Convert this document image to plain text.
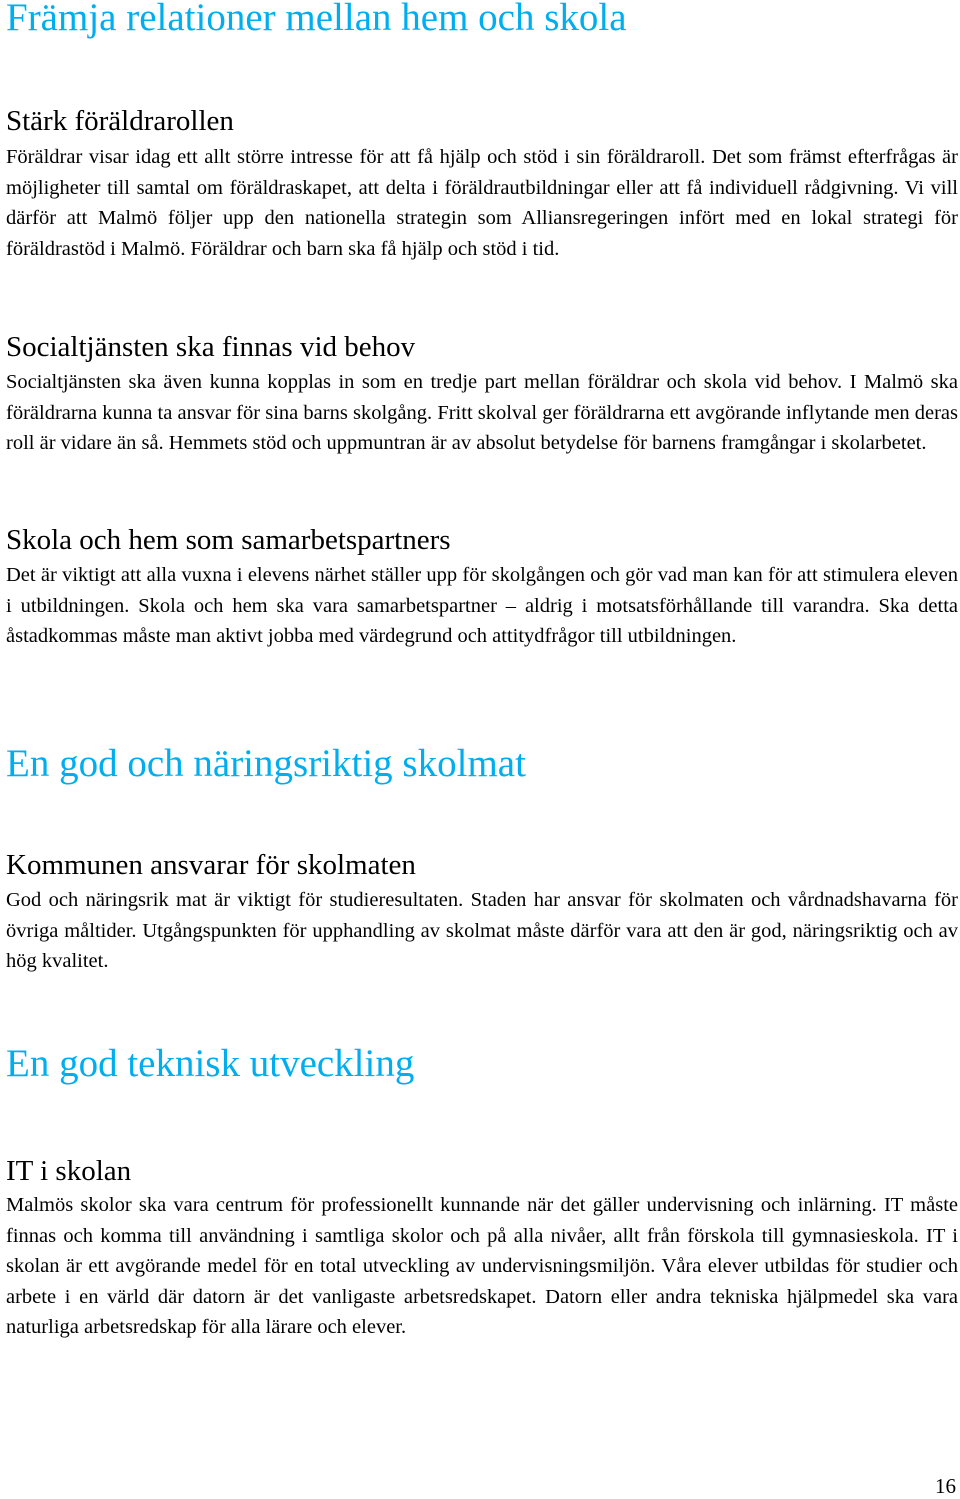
Främja relationer mellan hem och skola
Stärk föräldrarollen

Föräldrar visar idag ett allt större intresse för att få hjälp och stöd i sin föräldraroll. Det som främst efterfrågas är möjligheter till samtal om föräldraskapet, att delta i föräldrautbildningar eller att få individuell rådgivning. Vi vill därför att Malmö följer upp den nationella strategin som Alliansregeringen infört med en lokal strategi för föräldrastöd i Malmö. Föräldrar och barn ska få hjälp och stöd i tid.

Socialtjänsten ska finnas vid behov

Socialtjänsten ska även kunna kopplas in som en tredje part mellan föräldrar och skola vid behov. I Malmö ska föräldrarna kunna ta ansvar för sina barns skolgång. Fritt skolval ger föräldrarna ett avgörande inflytande men deras roll är vidare än så. Hemmets stöd och uppmuntran är av absolut betydelse för barnens framgångar i skolarbetet.

Skola och hem som samarbetspartners

Det är viktigt att alla vuxna i elevens närhet ställer upp för skolgången och gör vad man kan för att stimulera eleven i utbildningen. Skola och hem ska vara samarbetspartner – aldrig i motsatsförhållande till varandra. Ska detta åstadkommas måste man aktivt jobba med värdegrund och attitydfrågor till utbildningen.

En god och näringsriktig skolmat
Kommunen ansvarar för skolmaten

God och näringsrik mat är viktigt för studieresultaten. Staden har ansvar för skolmaten och vårdnadshavarna för övriga måltider. Utgångspunkten för upphandling av skolmat måste därför vara att den är god, näringsriktig och av hög kvalitet.

En god teknisk utveckling
IT i skolan

Malmös skolor ska vara centrum för professionellt kunnande när det gäller undervisning och inlärning. IT måste finnas och komma till användning i samtliga skolor och på alla nivåer, allt från förskola till gymnasieskola. IT i skolan är ett avgörande medel för en total utveckling av undervisningsmiljön. Våra elever utbildas för studier och arbete i en värld där datorn är det vanligaste arbetsredskapet. Datorn eller andra tekniska hjälpmedel ska vara naturliga arbetsredskap för alla lärare och elever.

16
